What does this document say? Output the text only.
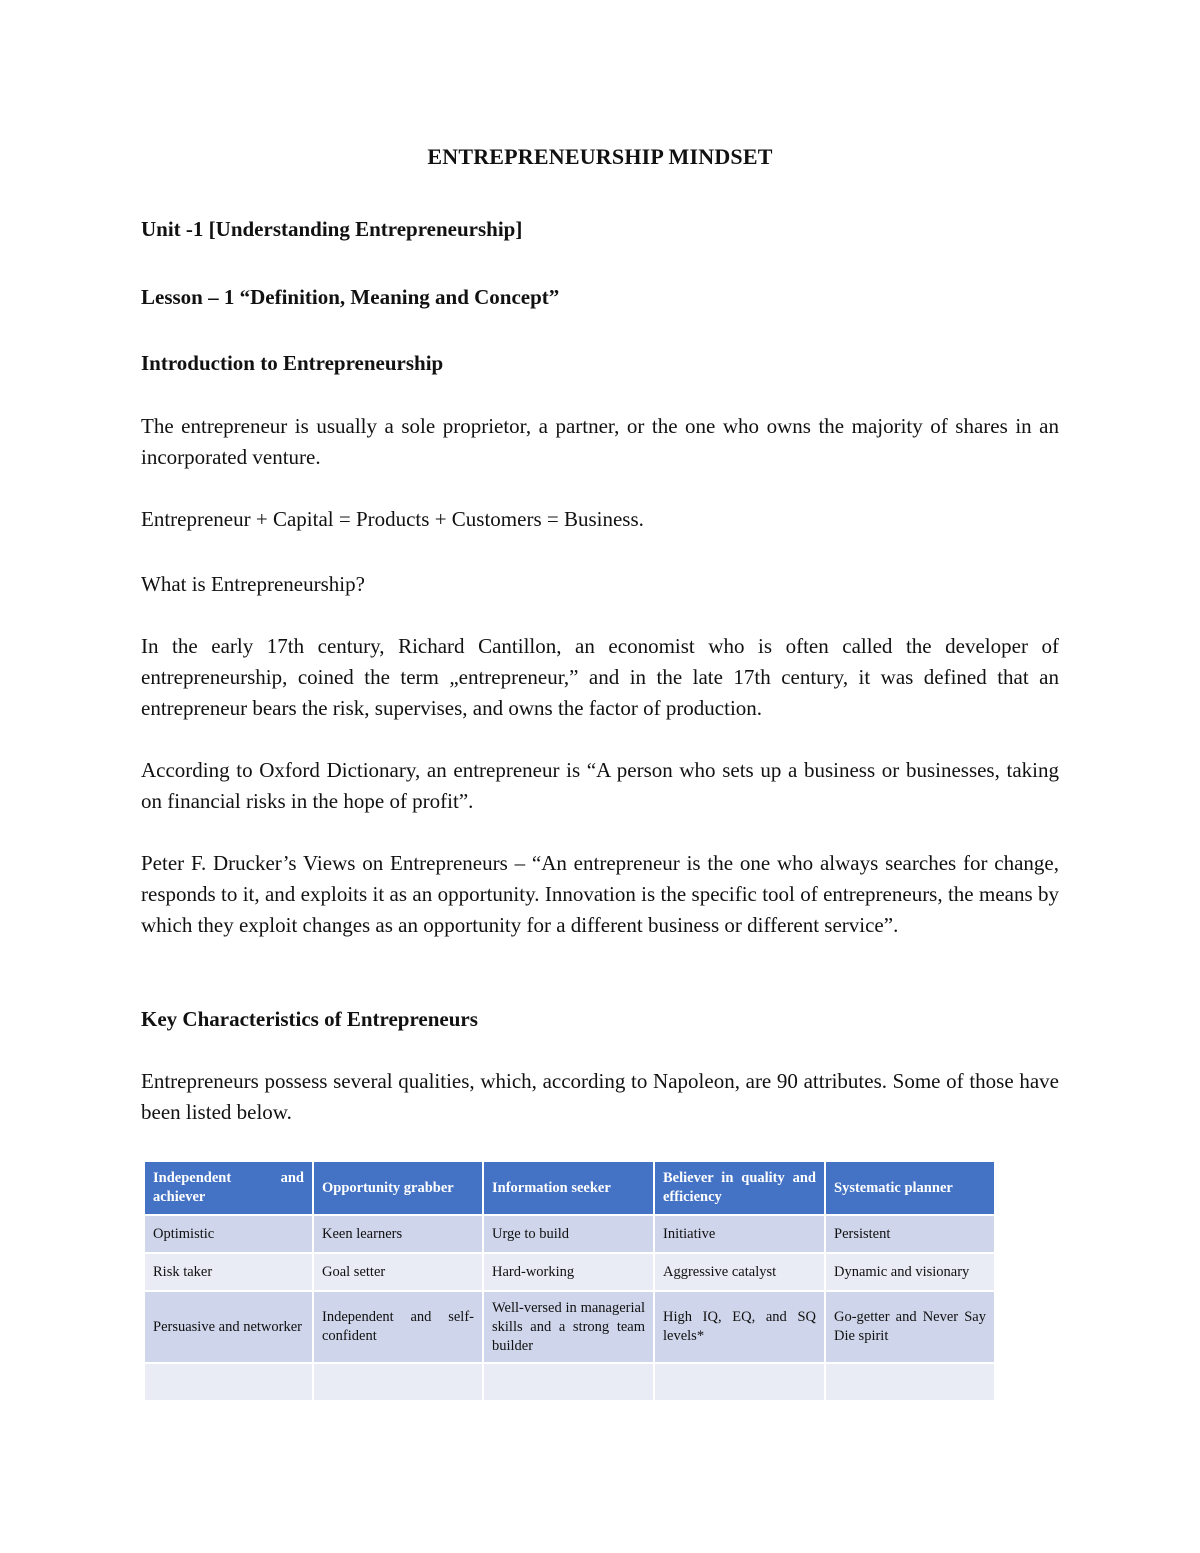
ENTREPRENEURSHIP MINDSET
Unit -1 [Understanding Entrepreneurship]
Lesson – 1 “Definition, Meaning and Concept”
Introduction to Entrepreneurship
The entrepreneur is usually a sole proprietor, a partner, or the one who owns the majority of shares in an incorporated venture.
Entrepreneur + Capital = Products + Customers = Business.
What is Entrepreneurship?
In the early 17th century, Richard Cantillon, an economist who is often called the developer of entrepreneurship, coined the term „entrepreneur,” and in the late 17th century, it was defined that an entrepreneur bears the risk, supervises, and owns the factor of production.
According to Oxford Dictionary, an entrepreneur is “A person who sets up a business or businesses, taking on financial risks in the hope of profit”.
Peter F. Drucker’s Views on Entrepreneurs – “An entrepreneur is the one who always searches for change, responds to it, and exploits it as an opportunity. Innovation is the specific tool of entrepreneurs, the means by which they exploit changes as an opportunity for a different business or different service”.
Key Characteristics of Entrepreneurs
Entrepreneurs possess several qualities, which, according to Napoleon, are 90 attributes. Some of those have been listed below.
Independent and achiever	Opportunity grabber	Information seeker	Believer in quality and efficiency	Systematic planner
Optimistic	Keen learners	Urge to build	Initiative	Persistent
Risk taker	Goal setter	Hard-working	Aggressive catalyst	Dynamic and visionary
Persuasive and networker	Independent and self-confident	Well-versed in managerial skills and a strong team builder	High IQ, EQ, and SQ levels*	Go-getter and Never Say Die spirit
